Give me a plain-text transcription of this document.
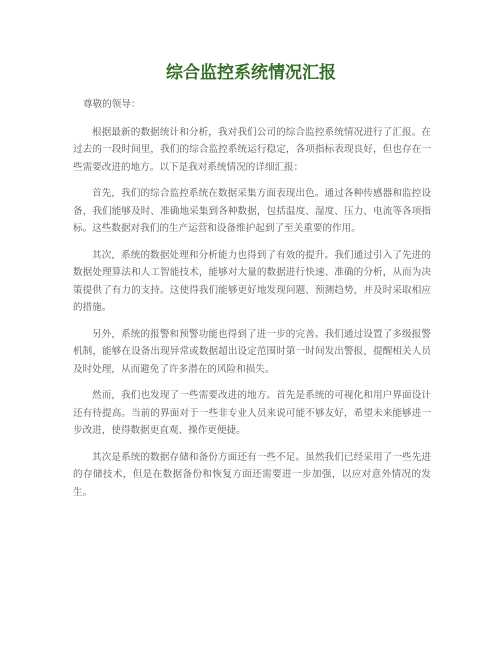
综合监控系统情况汇报

尊敬的领导：

根据最新的数据统计和分析，我对我们公司的综合监控系统情况进行了汇报。在过去的一段时间里，我们的综合监控系统运行稳定，各项指标表现良好，但也存在一些需要改进的地方。以下是我对系统情况的详细汇报：

首先，我们的综合监控系统在数据采集方面表现出色。通过各种传感器和监控设备，我们能够及时、准确地采集到各种数据，包括温度、湿度、压力、电流等各项指标。这些数据对我们的生产运营和设备维护起到了至关重要的作用。

其次，系统的数据处理和分析能力也得到了有效的提升。我们通过引入了先进的数据处理算法和人工智能技术，能够对大量的数据进行快速、准确的分析，从而为决策提供了有力的支持。这使得我们能够更好地发现问题、预测趋势，并及时采取相应的措施。

另外，系统的报警和预警功能也得到了进一步的完善。我们通过设置了多级报警机制，能够在设备出现异常或数据超出设定范围时第一时间发出警报，提醒相关人员及时处理，从而避免了许多潜在的风险和损失。

然而，我们也发现了一些需要改进的地方。首先是系统的可视化和用户界面设计还有待提高。当前的界面对于一些非专业人员来说可能不够友好，希望未来能够进一步改进，使得数据更直观、操作更便捷。

其次是系统的数据存储和备份方面还有一些不足。虽然我们已经采用了一些先进的存储技术，但是在数据备份和恢复方面还需要进一步加强，以应对意外情况的发生。
